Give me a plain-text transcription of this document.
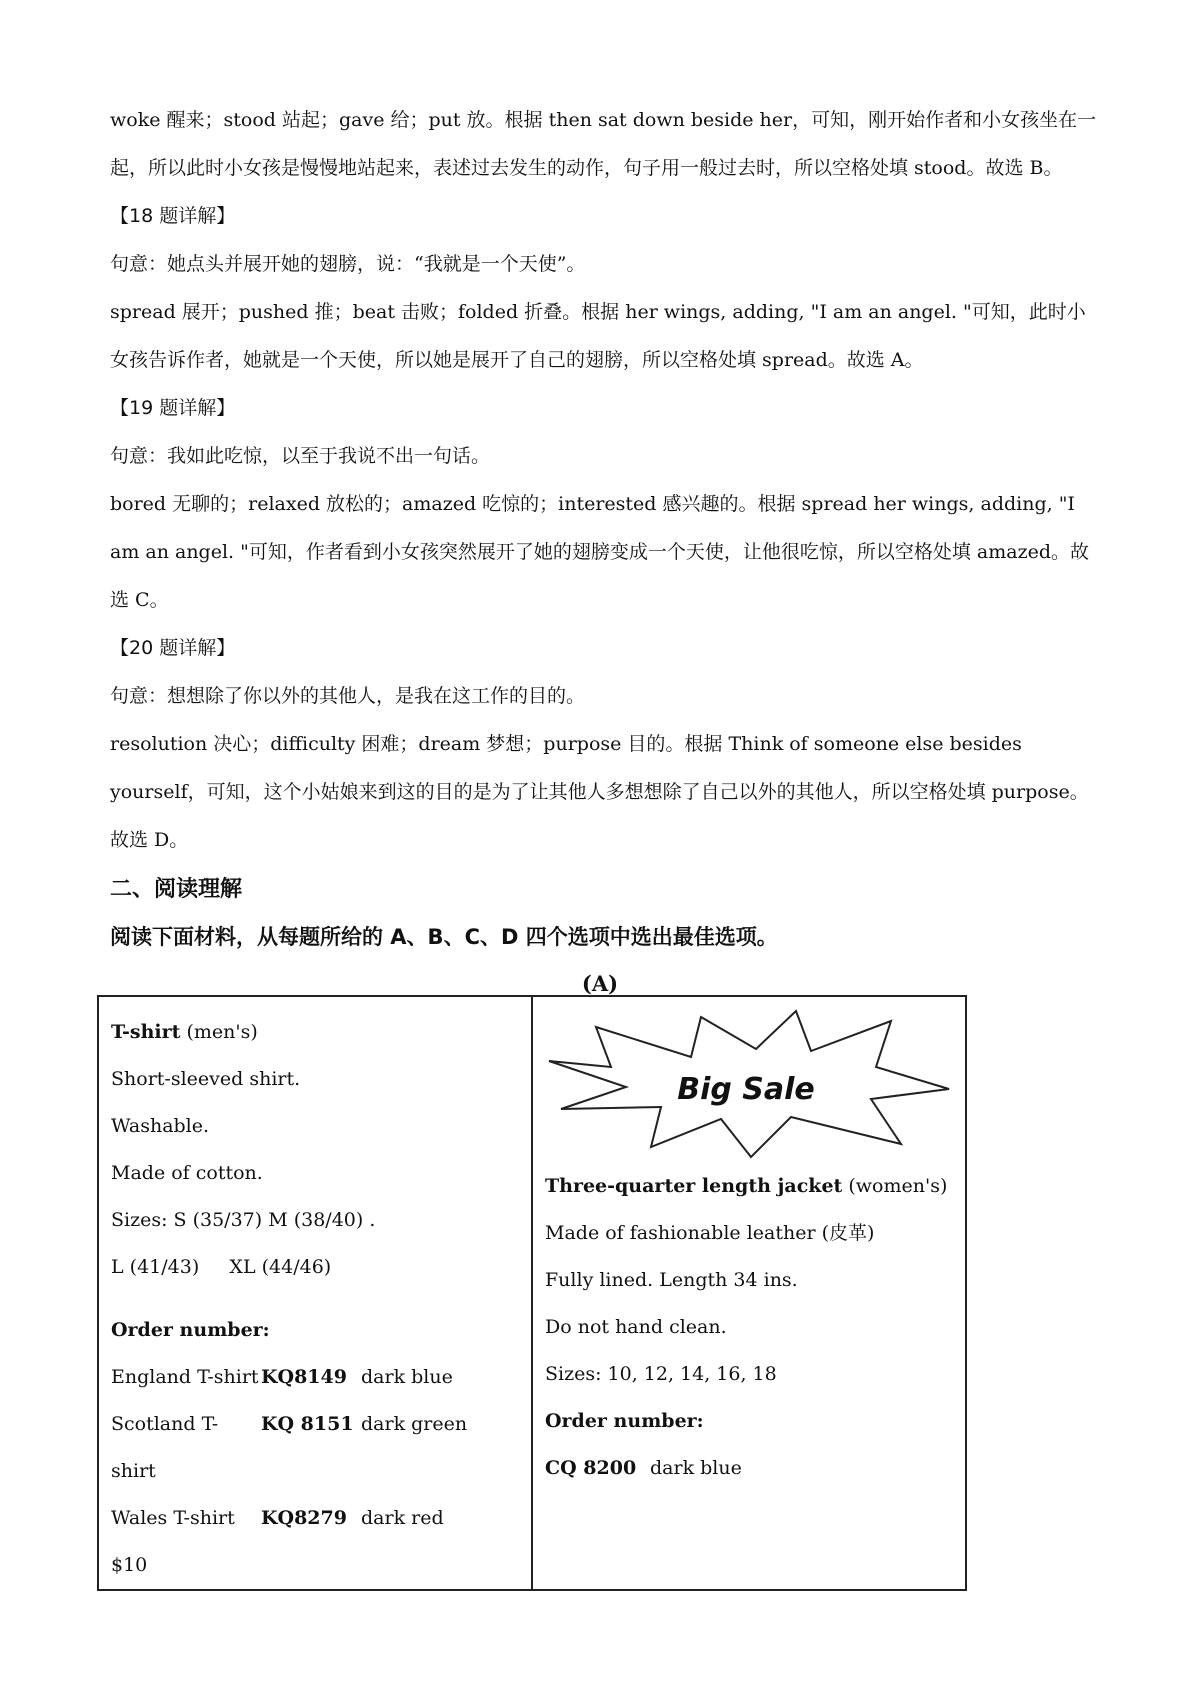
woke 醒来；stood 站起；gave 给；put 放。根据 then sat down beside her，可知，刚开始作者和小女孩坐在一起，所以此时小女孩是慢慢地站起来，表述过去发生的动作，句子用一般过去时，所以空格处填 stood。故选 B。

【18 题详解】

句意：她点头并展开她的翅膀，说：“我就是一个天使”。

spread 展开；pushed 推；beat 击败；folded 折叠。根据 her wings, adding, "I am an angel. "可知，此时小女孩告诉作者，她就是一个天使，所以她是展开了自己的翅膀，所以空格处填 spread。故选 A。

【19 题详解】

句意：我如此吃惊，以至于我说不出一句话。

bored 无聊的；relaxed 放松的；amazed 吃惊的；interested 感兴趣的。根据 spread her wings, adding, "I am an angel. "可知，作者看到小女孩突然展开了她的翅膀变成一个天使，让他很吃惊，所以空格处填 amazed。故选 C。

【20 题详解】

句意：想想除了你以外的其他人，是我在这工作的目的。

resolution 决心；difficulty 困难；dream 梦想；purpose 目的。根据 Think of someone else besides yourself，可知，这个小姑娘来到这的目的是为了让其他人多想想除了自己以外的其他人，所以空格处填 purpose。故选 D。

二、阅读理解
阅读下面材料，从每题所给的 A、B、C、D 四个选项中选出最佳选项。
(A)

T-shirt (men's)

Short-sleeved shirt.

Washable.

Made of cotton.

Sizes: S (35/37) M (38/40) .

L (41/43)     XL (44/46)

Order number:

England T-shirt KQ8149 dark blue

Scotland T-shirt
KQ 8151 dark green

Wales T-shirt	KQ8279 dark red

$10

Big Sale

Three-quarter length jacket (women's)

Made of fashionable leather (皮革)

Fully lined. Length 34 ins.

Do not hand clean.

Sizes: 10, 12, 14, 16, 18

Order number:

CQ 8200 dark blue
